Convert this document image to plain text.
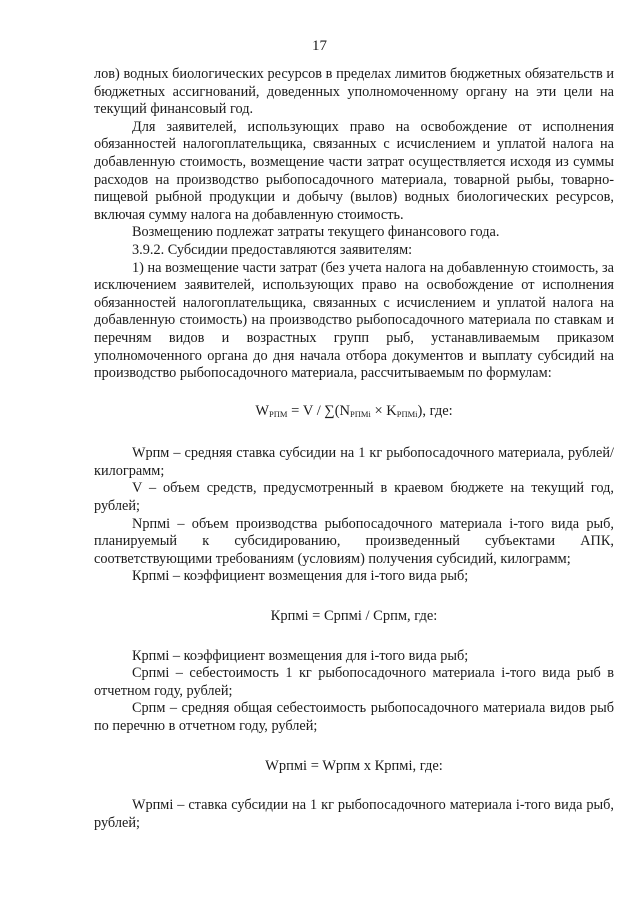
17

лов) водных биологических ресурсов в пределах лимитов бюджетных обязательств и бюджетных ассигнований, доведенных уполномоченному органу на эти цели на текущий финансовый год.

Для заявителей, использующих право на освобождение от исполнения обязанностей налогоплательщика, связанных с исчислением и уплатой налога на добавленную стоимость, возмещение части затрат осуществляется исходя из суммы расходов на производство рыбопосадочного материала, товарной рыбы, товарно-пищевой рыбной продукции и добычу (вылов) водных биологических ресурсов, включая сумму налога на добавленную стоимость.

Возмещению подлежат затраты текущего финансового года.

3.9.2. Субсидии предоставляются заявителям:

1) на возмещение части затрат (без учета налога на добавленную стоимость, за исключением заявителей, использующих право на освобождение от исполнения обязанностей налогоплательщика, связанных с исчислением и уплатой налога на добавленную стоимость) на производство рыбопосадочного материала по ставкам и перечням видов и возрастных групп рыб, устанавливаемым приказом уполномоченного органа до дня начала отбора документов и выплату субсидий на производство рыбопосадочного материала, рассчитываемым по формулам:

$W_{РПМ} = V / \sum(N_{РПМi} \times K_{РПМi})$, где:

Wрпм – средняя ставка субсидии на 1 кг рыбопосадочного материала, рублей/килограмм;

V – объем средств, предусмотренный в краевом бюджете на текущий год, рублей;

Nрпмi – объем производства рыбопосадочного материала i-того вида рыб, планируемый к субсидированию, произведенный субъектами АПК, соответствующими требованиям (условиям) получения субсидий, килограмм;

Крпмi – коэффициент возмещения для i-того вида рыб;

Крпмi = Српмi / Српм, где:

Крпмi – коэффициент возмещения для i-того вида рыб;

Српмi – себестоимость 1 кг рыбопосадочного материала i-того вида рыб в отчетном году, рублей;

Српм – средняя общая себестоимость рыбопосадочного материала видов рыб по перечню в отчетном году, рублей;

Wрпмi = Wрпм х Крпмi, где:

Wрпмi – ставка субсидии на 1 кг рыбопосадочного материала i-того вида рыб, рублей;
